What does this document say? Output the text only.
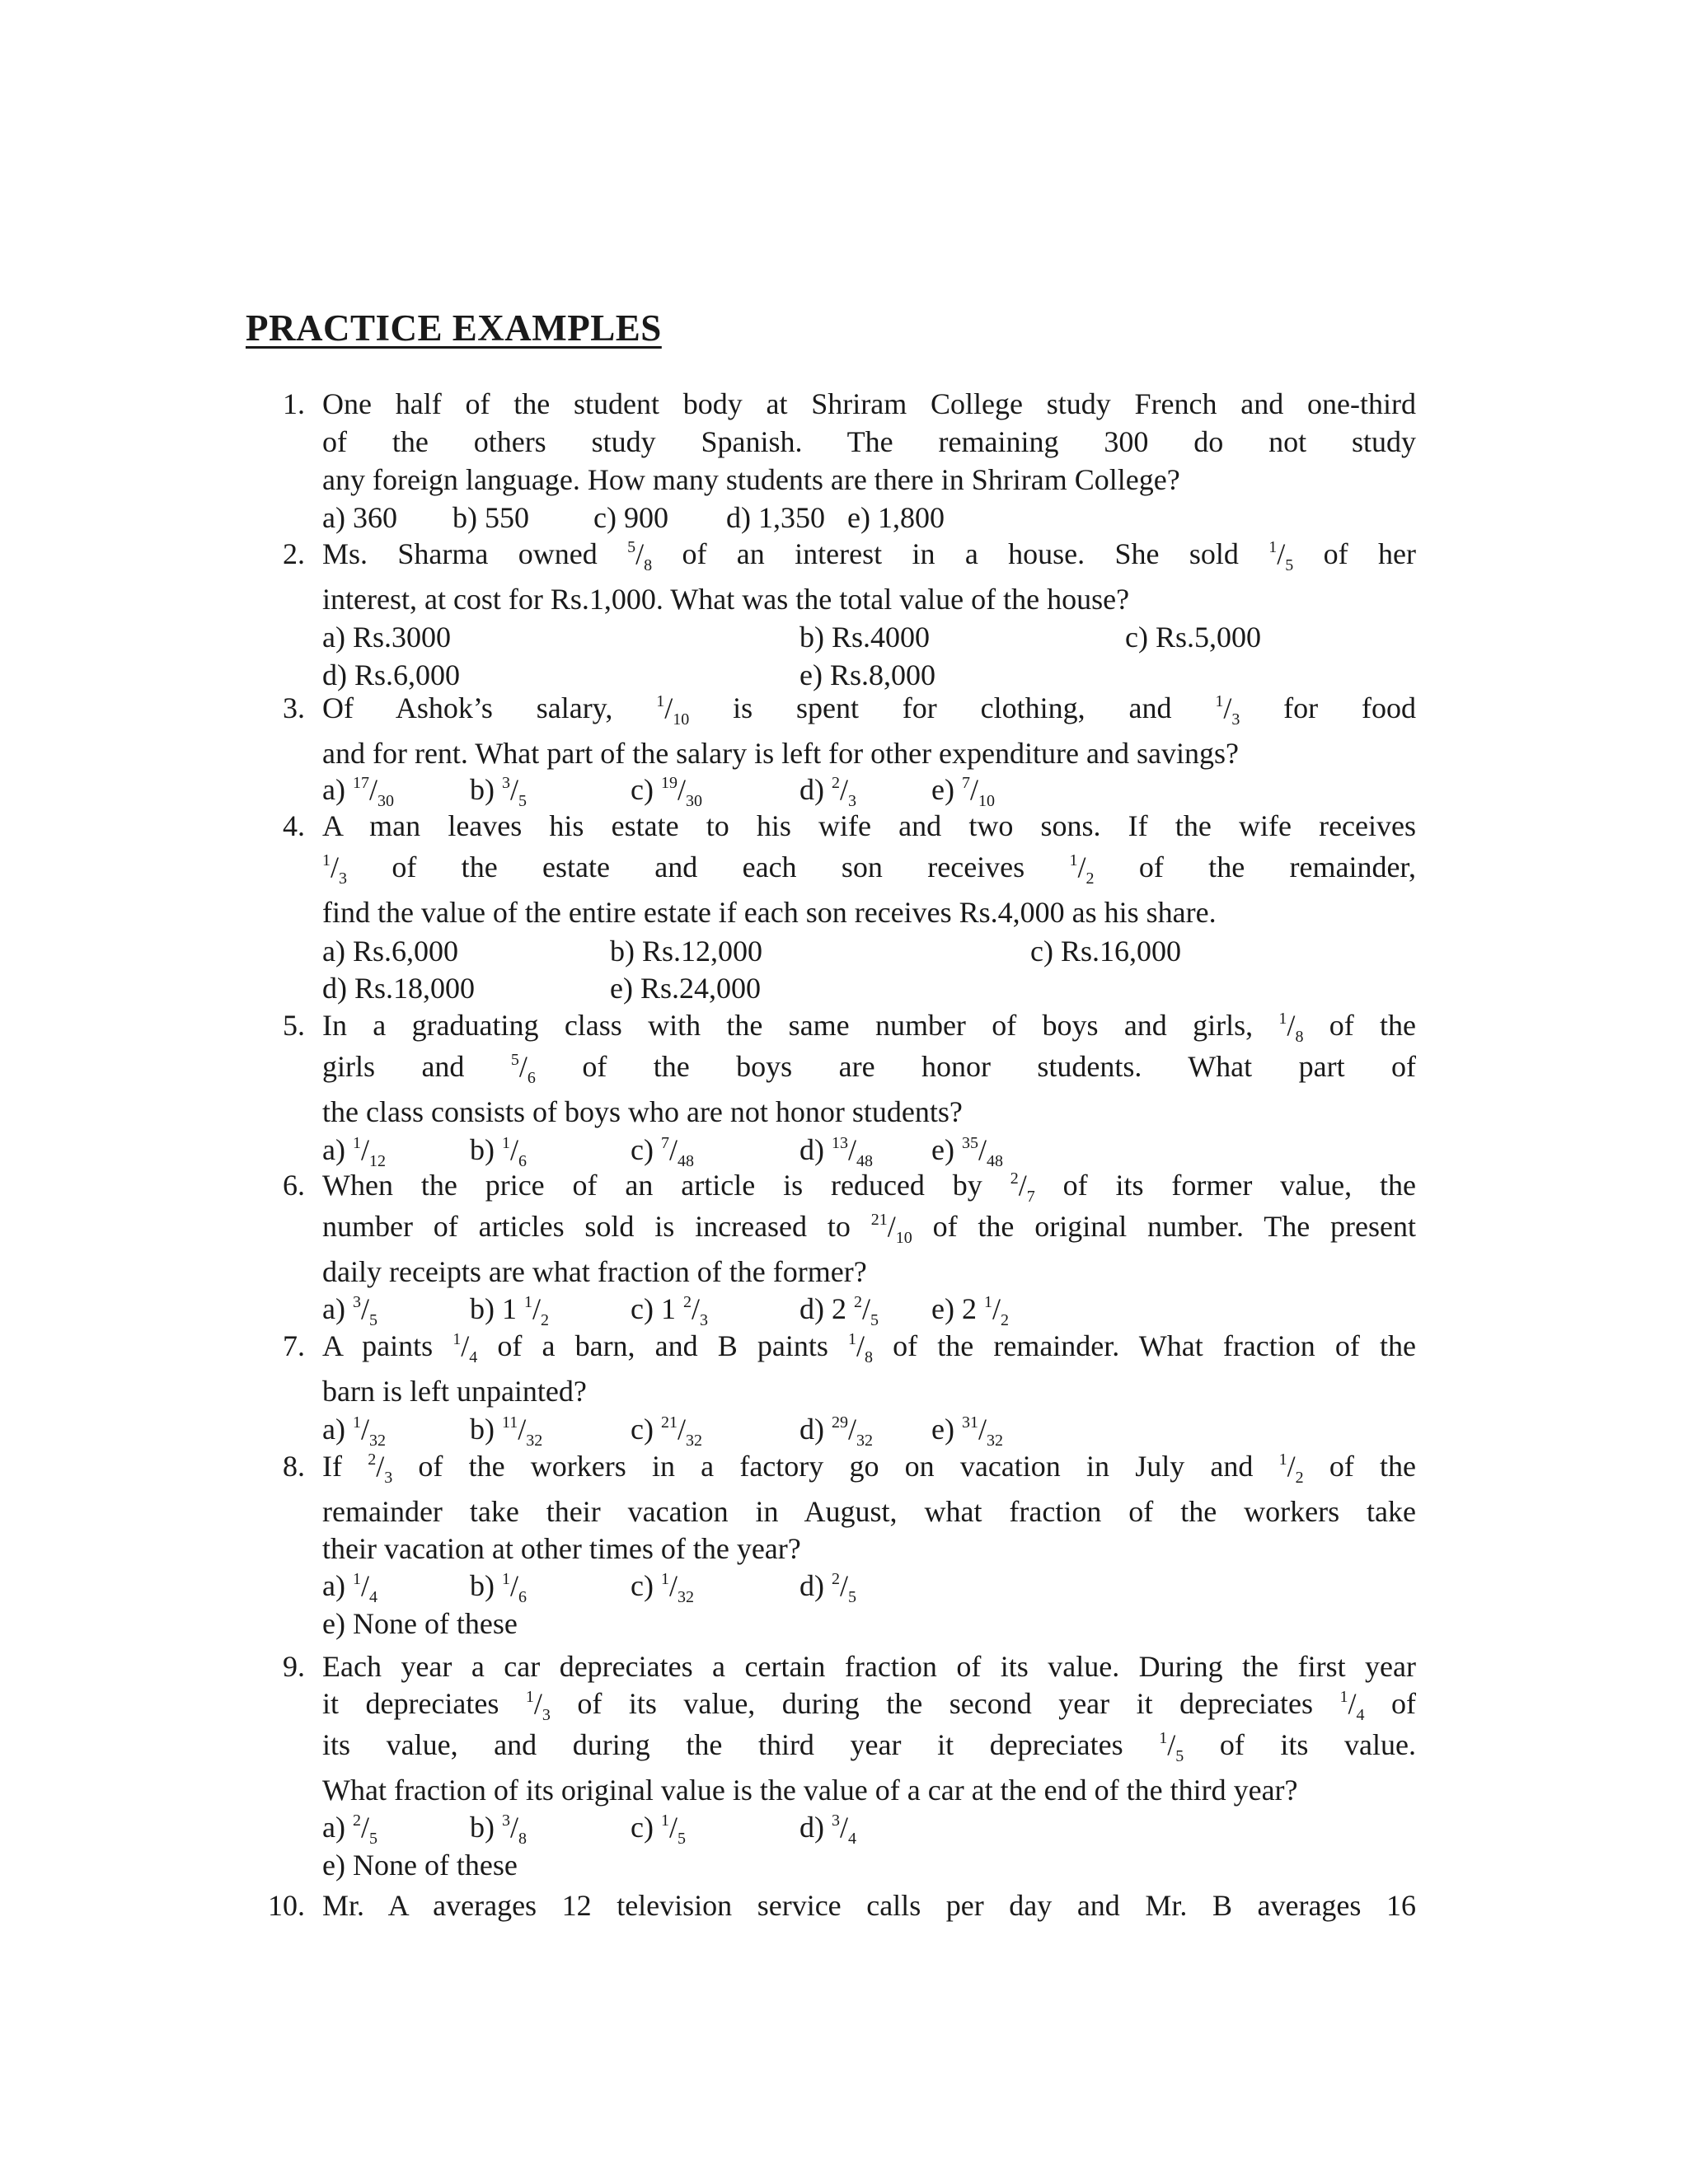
PRACTICE EXAMPLES
1. One half of the student body at Shriram College study French and one-third
of the others study Spanish. The remaining 300 do not study
any foreign language. How many students are there in Shriram College?
a) 360 b) 550 c) 900 d) 1,350 e) 1,800
2. Ms. Sharma owned $^5/_8$ of an interest in a house. She sold $^1/_5$ of her
interest, at cost for Rs.1,000. What was the total value of the house?
a) Rs.3000	b) Rs.4000	c) Rs.5,000
d) Rs.6,000	e) Rs.8,000
3. Of Ashok’s salary, $^1/_{10}$ is spent for clothing, and $^1/_3$ for food
and for rent. What part of the salary is left for other expenditure and savings?
a) $^{17}/_{30}$	b) $^3/_5$	c) $^{19}/_{30}$	d) $^2/_3$	e) $^7/_{10}$
4. A man leaves his estate to his wife and two sons. If the wife receives
$^1/_3$ of the estate and each son receives $^1/_2$ of the remainder,
find the value of the entire estate if each son receives Rs.4,000 as his share.
a) Rs.6,000	b) Rs.12,000	c) Rs.16,000
d) Rs.18,000	e) Rs.24,000
5. In a graduating class with the same number of boys and girls, $^1/_8$ of the
girls and $^5/_6$ of the boys are honor students. What part of
the class consists of boys who are not honor students?
a) $^1/_{12}$	b) $^1/_6$	c) $^7/_{48}$	d) $^{13}/_{48}$ e) $^{35}/_{48}$
6. When the price of an article is reduced by $^2/_7$ of its former value, the
number of articles sold is increased to $^{21}/_{10}$ of the original number. The present
daily receipts are what fraction of the former?
a) $^3/_5$	b) 1 $^1/_2$	c) 1 $^2/_3$	d) 2 $^2/_5$ e) 2 $^1/_2$
7. A paints $^1/_4$ of a barn, and B paints $^1/_8$ of the remainder. What fraction of the
barn is left unpainted?
a) $^1/_{32}$	b) $^{11}/_{32}$	c) $^{21}/_{32}$	d) $^{29}/_{32}$ e) $^{31}/_{32}$
8. If $^2/_3$ of the workers in a factory go on vacation in July and $^1/_2$ of the
remainder take their vacation in August, what fraction of the workers take
their vacation at other times of the year?
a) $^1/_4$	b) $^1/_6$	c) $^1/_{32}$	d) $^2/_5$
e) None of these
9. Each year a car depreciates a certain fraction of its value. During the first year
it depreciates $^1/_3$ of its value, during the second year it depreciates $^1/_4$ of
its value, and during the third year it depreciates $^1/_5$ of its value.
What fraction of its original value is the value of a car at the end of the third year?
a) $^2/_5$	b) $^3/_8$	c) $^1/_5$	d) $^3/_4$
e) None of these
10. Mr. A averages 12 television service calls per day and Mr. B averages 16
